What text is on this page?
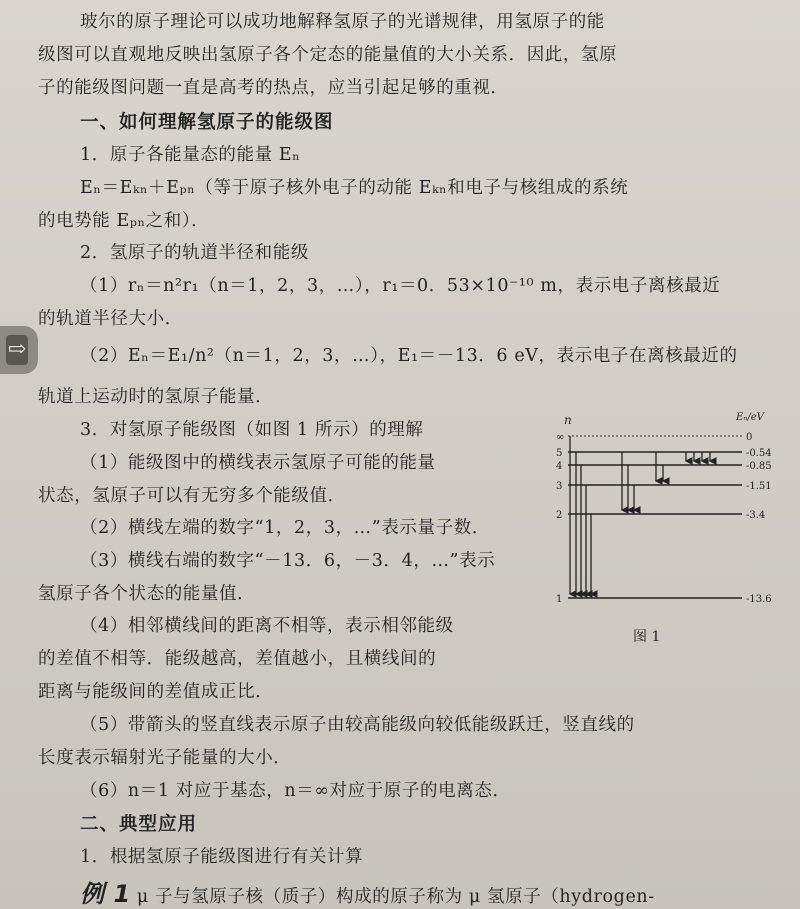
⇨
玻尔的原子理论可以成功地解释氢原子的光谱规律，用氢原子的能
级图可以直观地反映出氢原子各个定态的能量值的大小关系．因此，氢原
子的能级图问题一直是高考的热点，应当引起足够的重视．
一、如何理解氢原子的能级图
1．原子各能量态的能量 Eₙ
Eₙ＝Eₖₙ＋Eₚₙ（等于原子核外电子的动能 Eₖₙ和电子与核组成的系统
的电势能 Eₚₙ之和）．
2．氢原子的轨道半径和能级
（1）rₙ＝n²r₁（n＝1，2，3，…），r₁＝0．53×10⁻¹⁰ m，表示电子离核最近
的轨道半径大小．
（2）Eₙ＝E₁/n²（n＝1，2，3，…），E₁＝－13．6 eV，表示电子在离核最近的
轨道上运动时的氢原子能量．
3．对氢原子能级图（如图 1 所示）的理解
（1）能级图中的横线表示氢原子可能的能量
状态，氢原子可以有无穷多个能级值．
（2）横线左端的数字“1，2，3，…”表示量子数．
（3）横线右端的数字“－13．6，－3．4，…”表示
氢原子各个状态的能量值．
（4）相邻横线间的距离不相等，表示相邻能级
的差值不相等．能级越高，差值越小，且横线间的
距离与能级间的差值成正比．
（5）带箭头的竖直线表示原子由较高能级向较低能级跃迁，竖直线的
长度表示辐射光子能量的大小．
（6）n＝1 对应于基态，n＝∞对应于原子的电离态．
二、典型应用
1．根据氢原子能级图进行有关计算
例 1 μ 子与氢原子核（质子）构成的原子称为 μ 氢原子（hydrogen-
n	Eₙ/eV
∞	0
5	-0.54
4	-0.85
3	-1.51
2	-3.4
1	-13.6
图 1
